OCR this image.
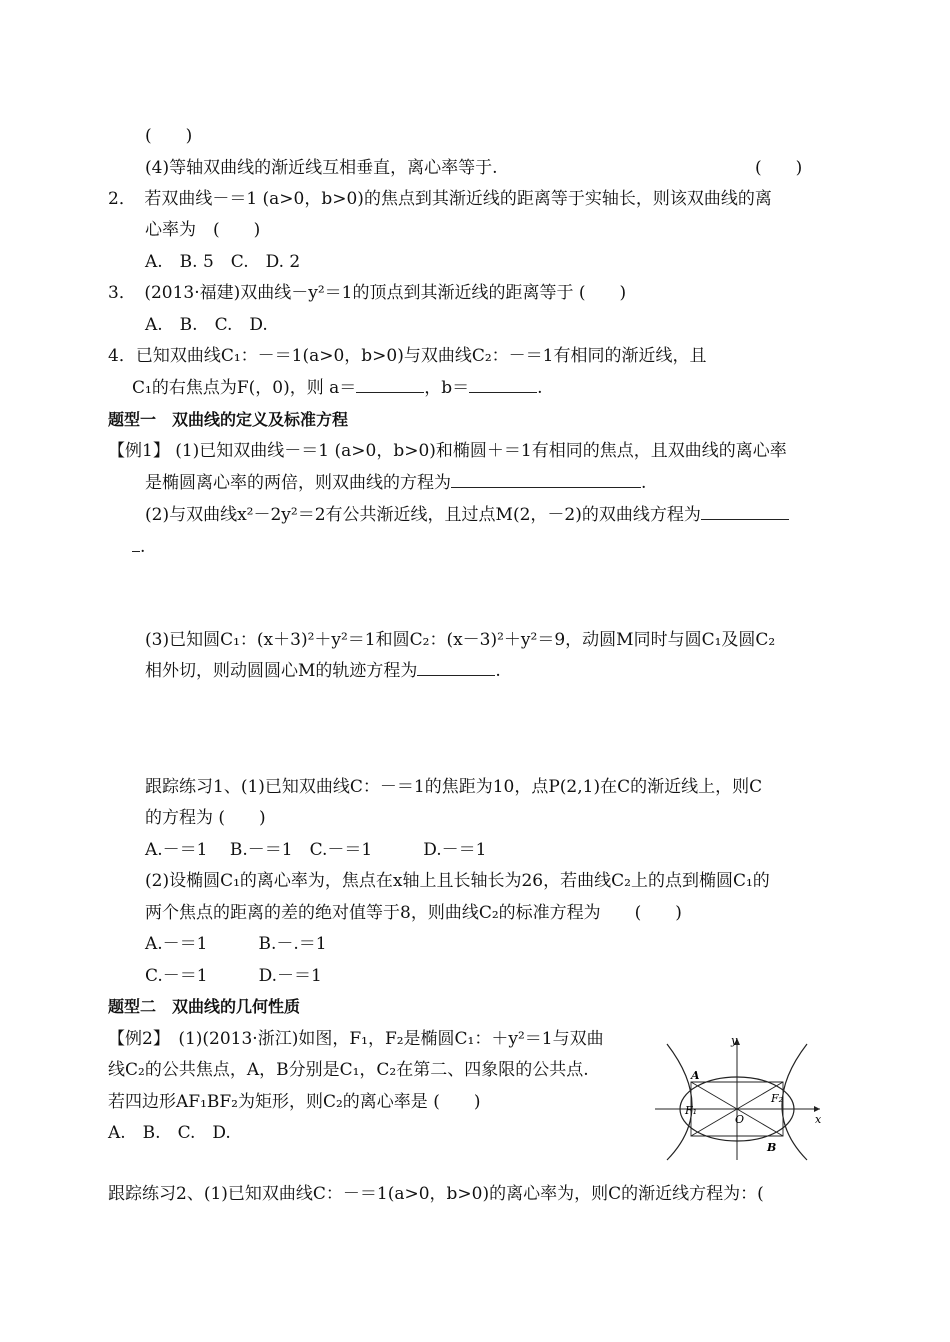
(　　)
(4)等轴双曲线的渐近线互相垂直，离心率等于.	(　　)
2．　若双曲线－＝1 (a>0，b>0)的焦点到其渐近线的距离等于实轴长，则该双曲线的离
心率为　(　　)
A.　B. 5　C.　D. 2
3．　(2013·福建)双曲线－y²＝1的顶点到其渐近线的距离等于 (　　)
A.　B.　C.　D.
4．已知双曲线C₁：－＝1(a>0，b>0)与双曲线C₂：－＝1有相同的渐近线，且
C₁的右焦点为F(，0)，则 a＝	，b＝	.
题型一　双曲线的定义及标准方程
【例1】 (1)已知双曲线－＝1 (a>0，b>0)和椭圆＋＝1有相同的焦点，且双曲线的离心率
是椭圆离心率的两倍，则双曲线的方程为	.
(2)与双曲线x²－2y²＝2有公共渐近线，且过点M(2，－2)的双曲线方程为
.
(3)已知圆C₁：(x＋3)²＋y²＝1和圆C₂：(x－3)²＋y²＝9，动圆M同时与圆C₁及圆C₂
相外切，则动圆圆心M的轨迹方程为	.
跟踪练习1、(1)已知双曲线C：－＝1的焦距为10，点P(2,1)在C的渐近线上，则C
的方程为 (　　)
A.－＝1　 B.－＝1　C.－＝1　　　D.－＝1
(2)设椭圆C₁的离心率为，焦点在x轴上且长轴长为26，若曲线C₂上的点到椭圆C₁的
两个焦点的距离的差的绝对值等于8，则曲线C₂的标准方程为　　(　　)
A.－＝1　　　B.－.＝1
C.－＝1　　　D.－＝1
题型二　双曲线的几何性质
【例2】　(1)(2013·浙江)如图，F₁，F₂是椭圆C₁：＋y²＝1与双曲
线C₂的公共焦点，A，B分别是C₁，C₂在第二、四象限的公共点.
若四边形AF₁BF₂为矩形，则C₂的离心率是 (　　)
A.　B.　C.　D.
跟踪练习2、(1)已知双曲线C：－＝1(a>0，b>0)的离心率为，则C的渐近线方程为：(
y
x
O
A
B
F₁
F₂
